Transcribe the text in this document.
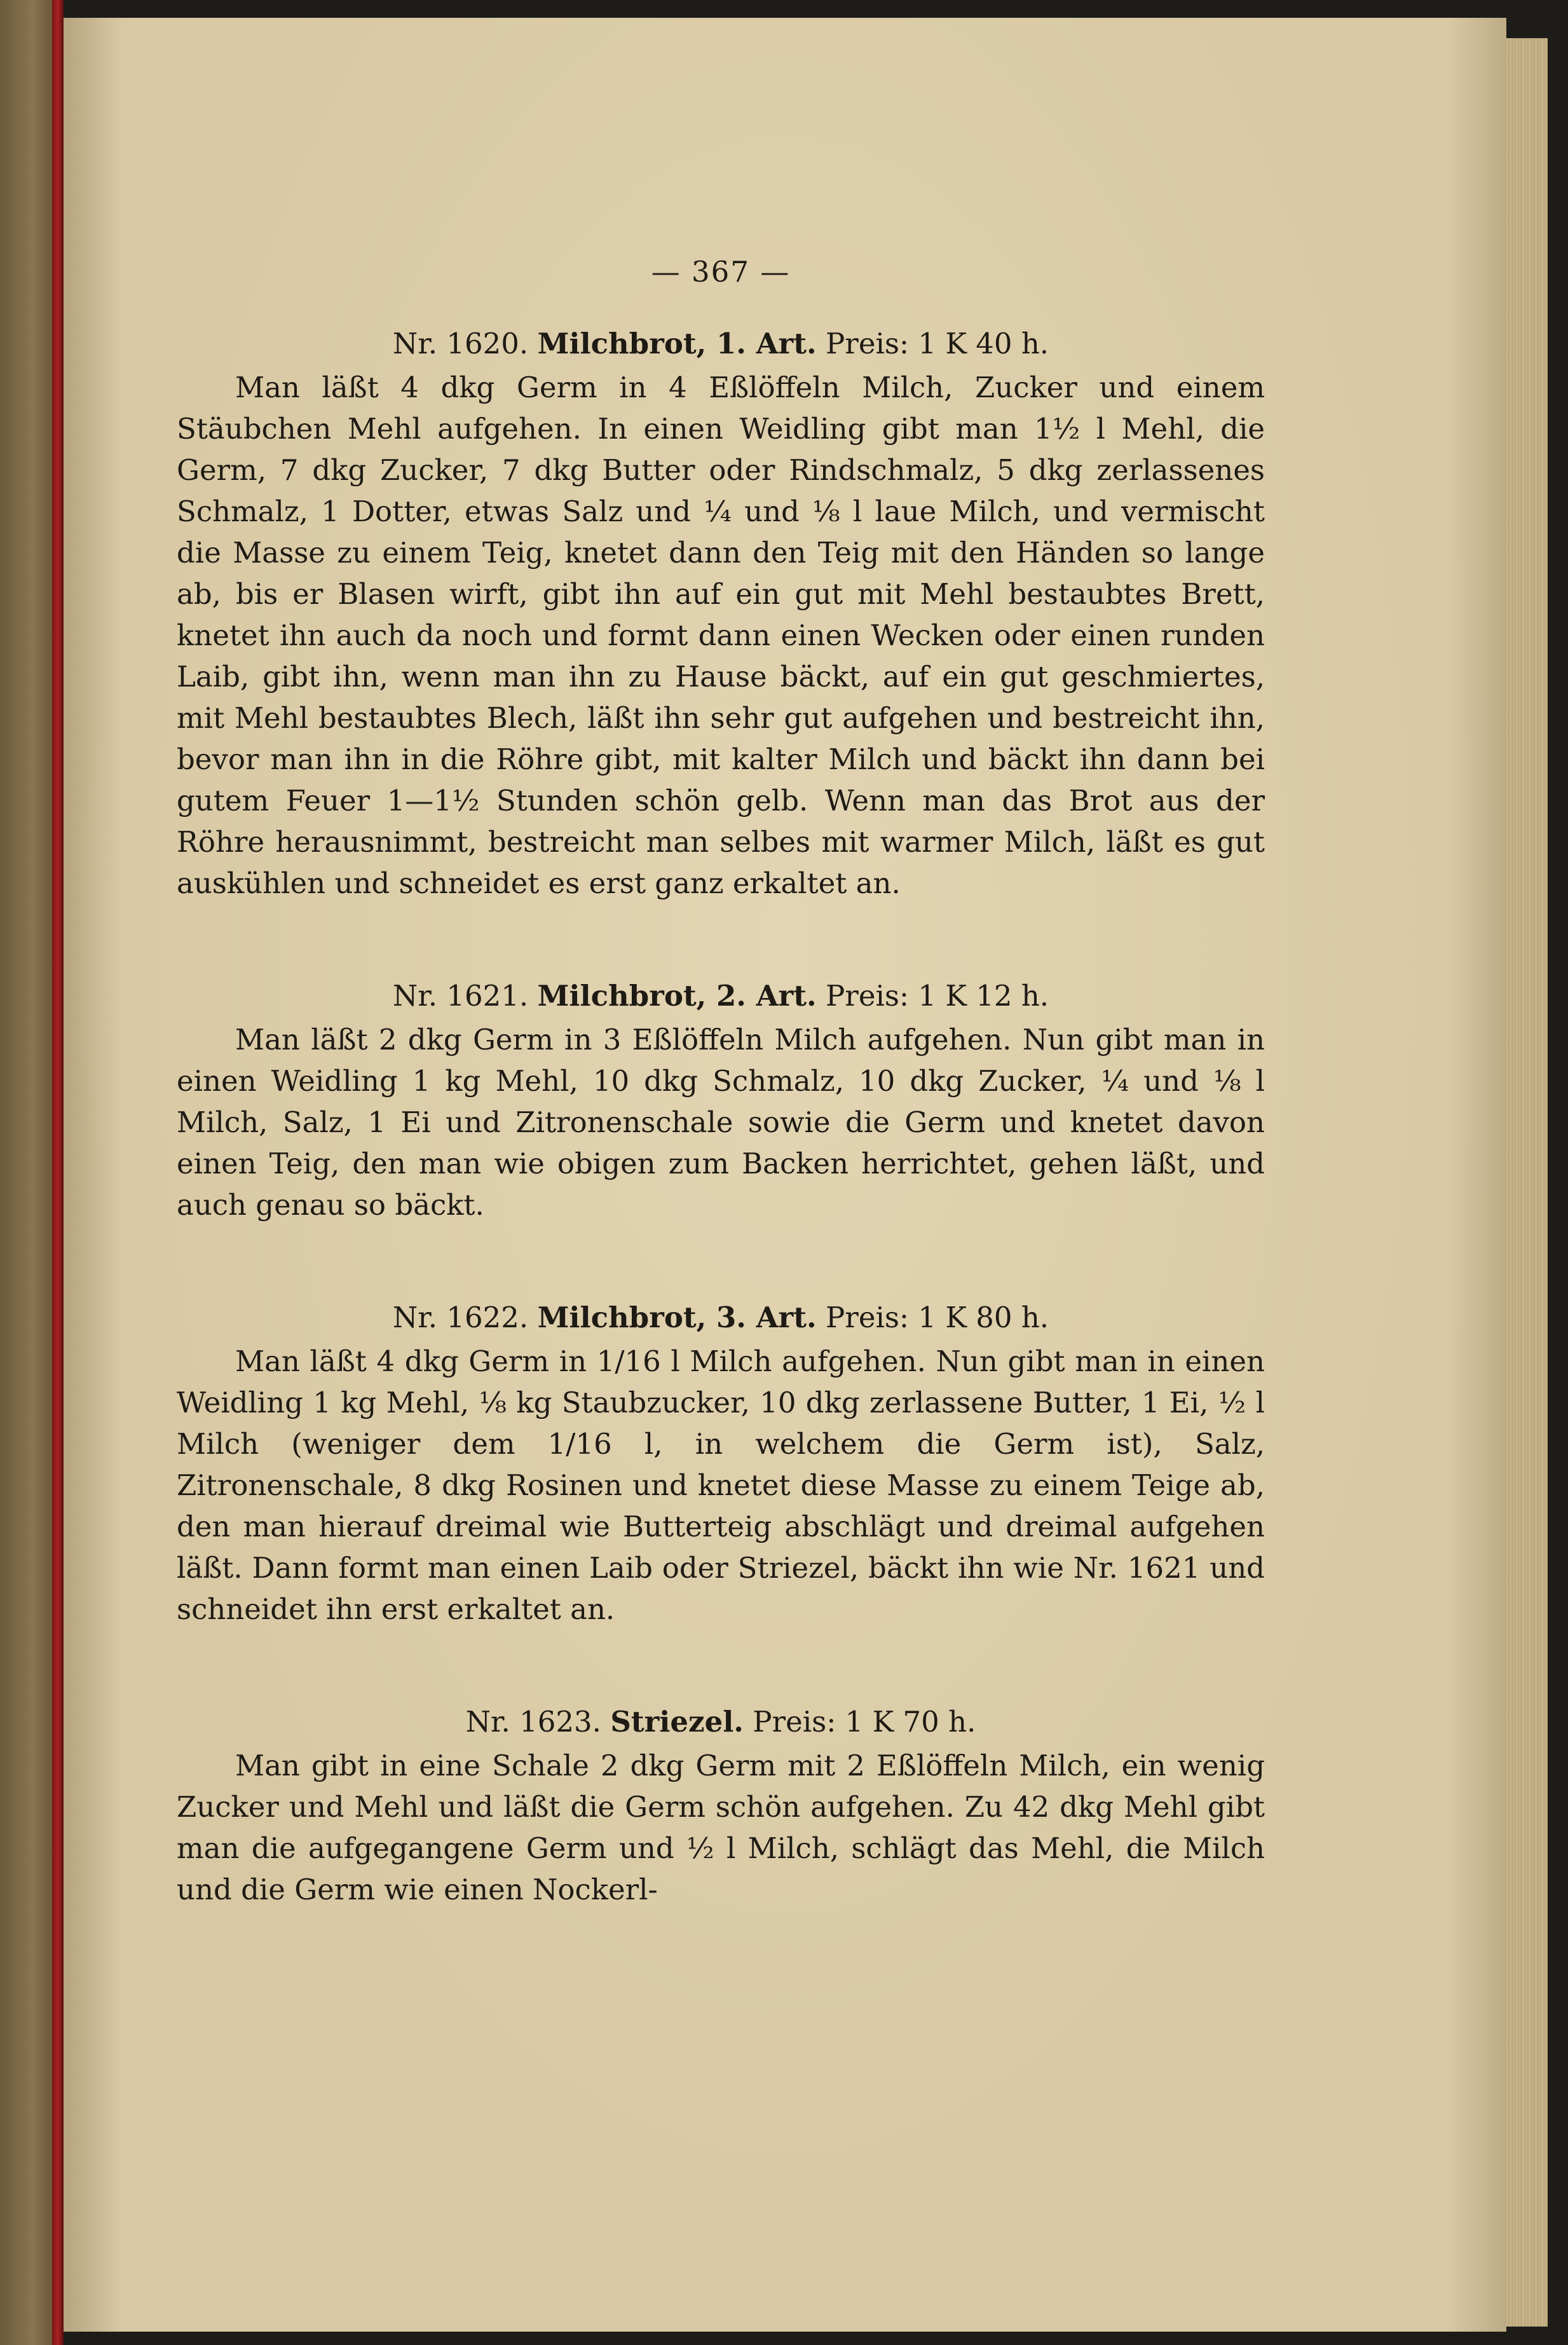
— 367 —
Nr. 1620. Milchbrot, 1. Art. Preis: 1 K 40 h.

Man läßt 4 dkg Germ in 4 Eßlöffeln Milch, Zucker und einem Stäubchen Mehl aufgehen. In einen Weidling gibt man 1½ l Mehl, die Germ, 7 dkg Zucker, 7 dkg Butter oder Rindschmalz, 5 dkg zerlassenes Schmalz, 1 Dotter, etwas Salz und ¼ und ⅛ l laue Milch, und vermischt die Masse zu einem Teig, knetet dann den Teig mit den Händen so lange ab, bis er Blasen wirft, gibt ihn auf ein gut mit Mehl bestaubtes Brett, knetet ihn auch da noch und formt dann einen Wecken oder einen runden Laib, gibt ihn, wenn man ihn zu Hause bäckt, auf ein gut geschmiertes, mit Mehl bestaubtes Blech, läßt ihn sehr gut aufgehen und bestreicht ihn, bevor man ihn in die Röhre gibt, mit kalter Milch und bäckt ihn dann bei gutem Feuer 1—1½ Stunden schön gelb. Wenn man das Brot aus der Röhre herausnimmt, bestreicht man selbes mit warmer Milch, läßt es gut auskühlen und schneidet es erst ganz erkaltet an.

Nr. 1621. Milchbrot, 2. Art. Preis: 1 K 12 h.

Man läßt 2 dkg Germ in 3 Eßlöffeln Milch aufgehen. Nun gibt man in einen Weidling 1 kg Mehl, 10 dkg Schmalz, 10 dkg Zucker, ¼ und ⅛ l Milch, Salz, 1 Ei und Zitronenschale sowie die Germ und knetet davon einen Teig, den man wie obigen zum Backen herrichtet, gehen läßt, und auch genau so bäckt.

Nr. 1622. Milchbrot, 3. Art. Preis: 1 K 80 h.

Man läßt 4 dkg Germ in 1/16 l Milch aufgehen. Nun gibt man in einen Weidling 1 kg Mehl, ⅛ kg Staubzucker, 10 dkg zerlassene Butter, 1 Ei, ½ l Milch (weniger dem 1/16 l, in welchem die Germ ist), Salz, Zitronenschale, 8 dkg Rosinen und knetet diese Masse zu einem Teige ab, den man hierauf dreimal wie Butterteig abschlägt und dreimal aufgehen läßt. Dann formt man einen Laib oder Striezel, bäckt ihn wie Nr. 1621 und schneidet ihn erst erkaltet an.

Nr. 1623. Striezel. Preis: 1 K 70 h.

Man gibt in eine Schale 2 dkg Germ mit 2 Eßlöffeln Milch, ein wenig Zucker und Mehl und läßt die Germ schön aufgehen. Zu 42 dkg Mehl gibt man die aufgegangene Germ und ½ l Milch, schlägt das Mehl, die Milch und die Germ wie einen Nockerl-
